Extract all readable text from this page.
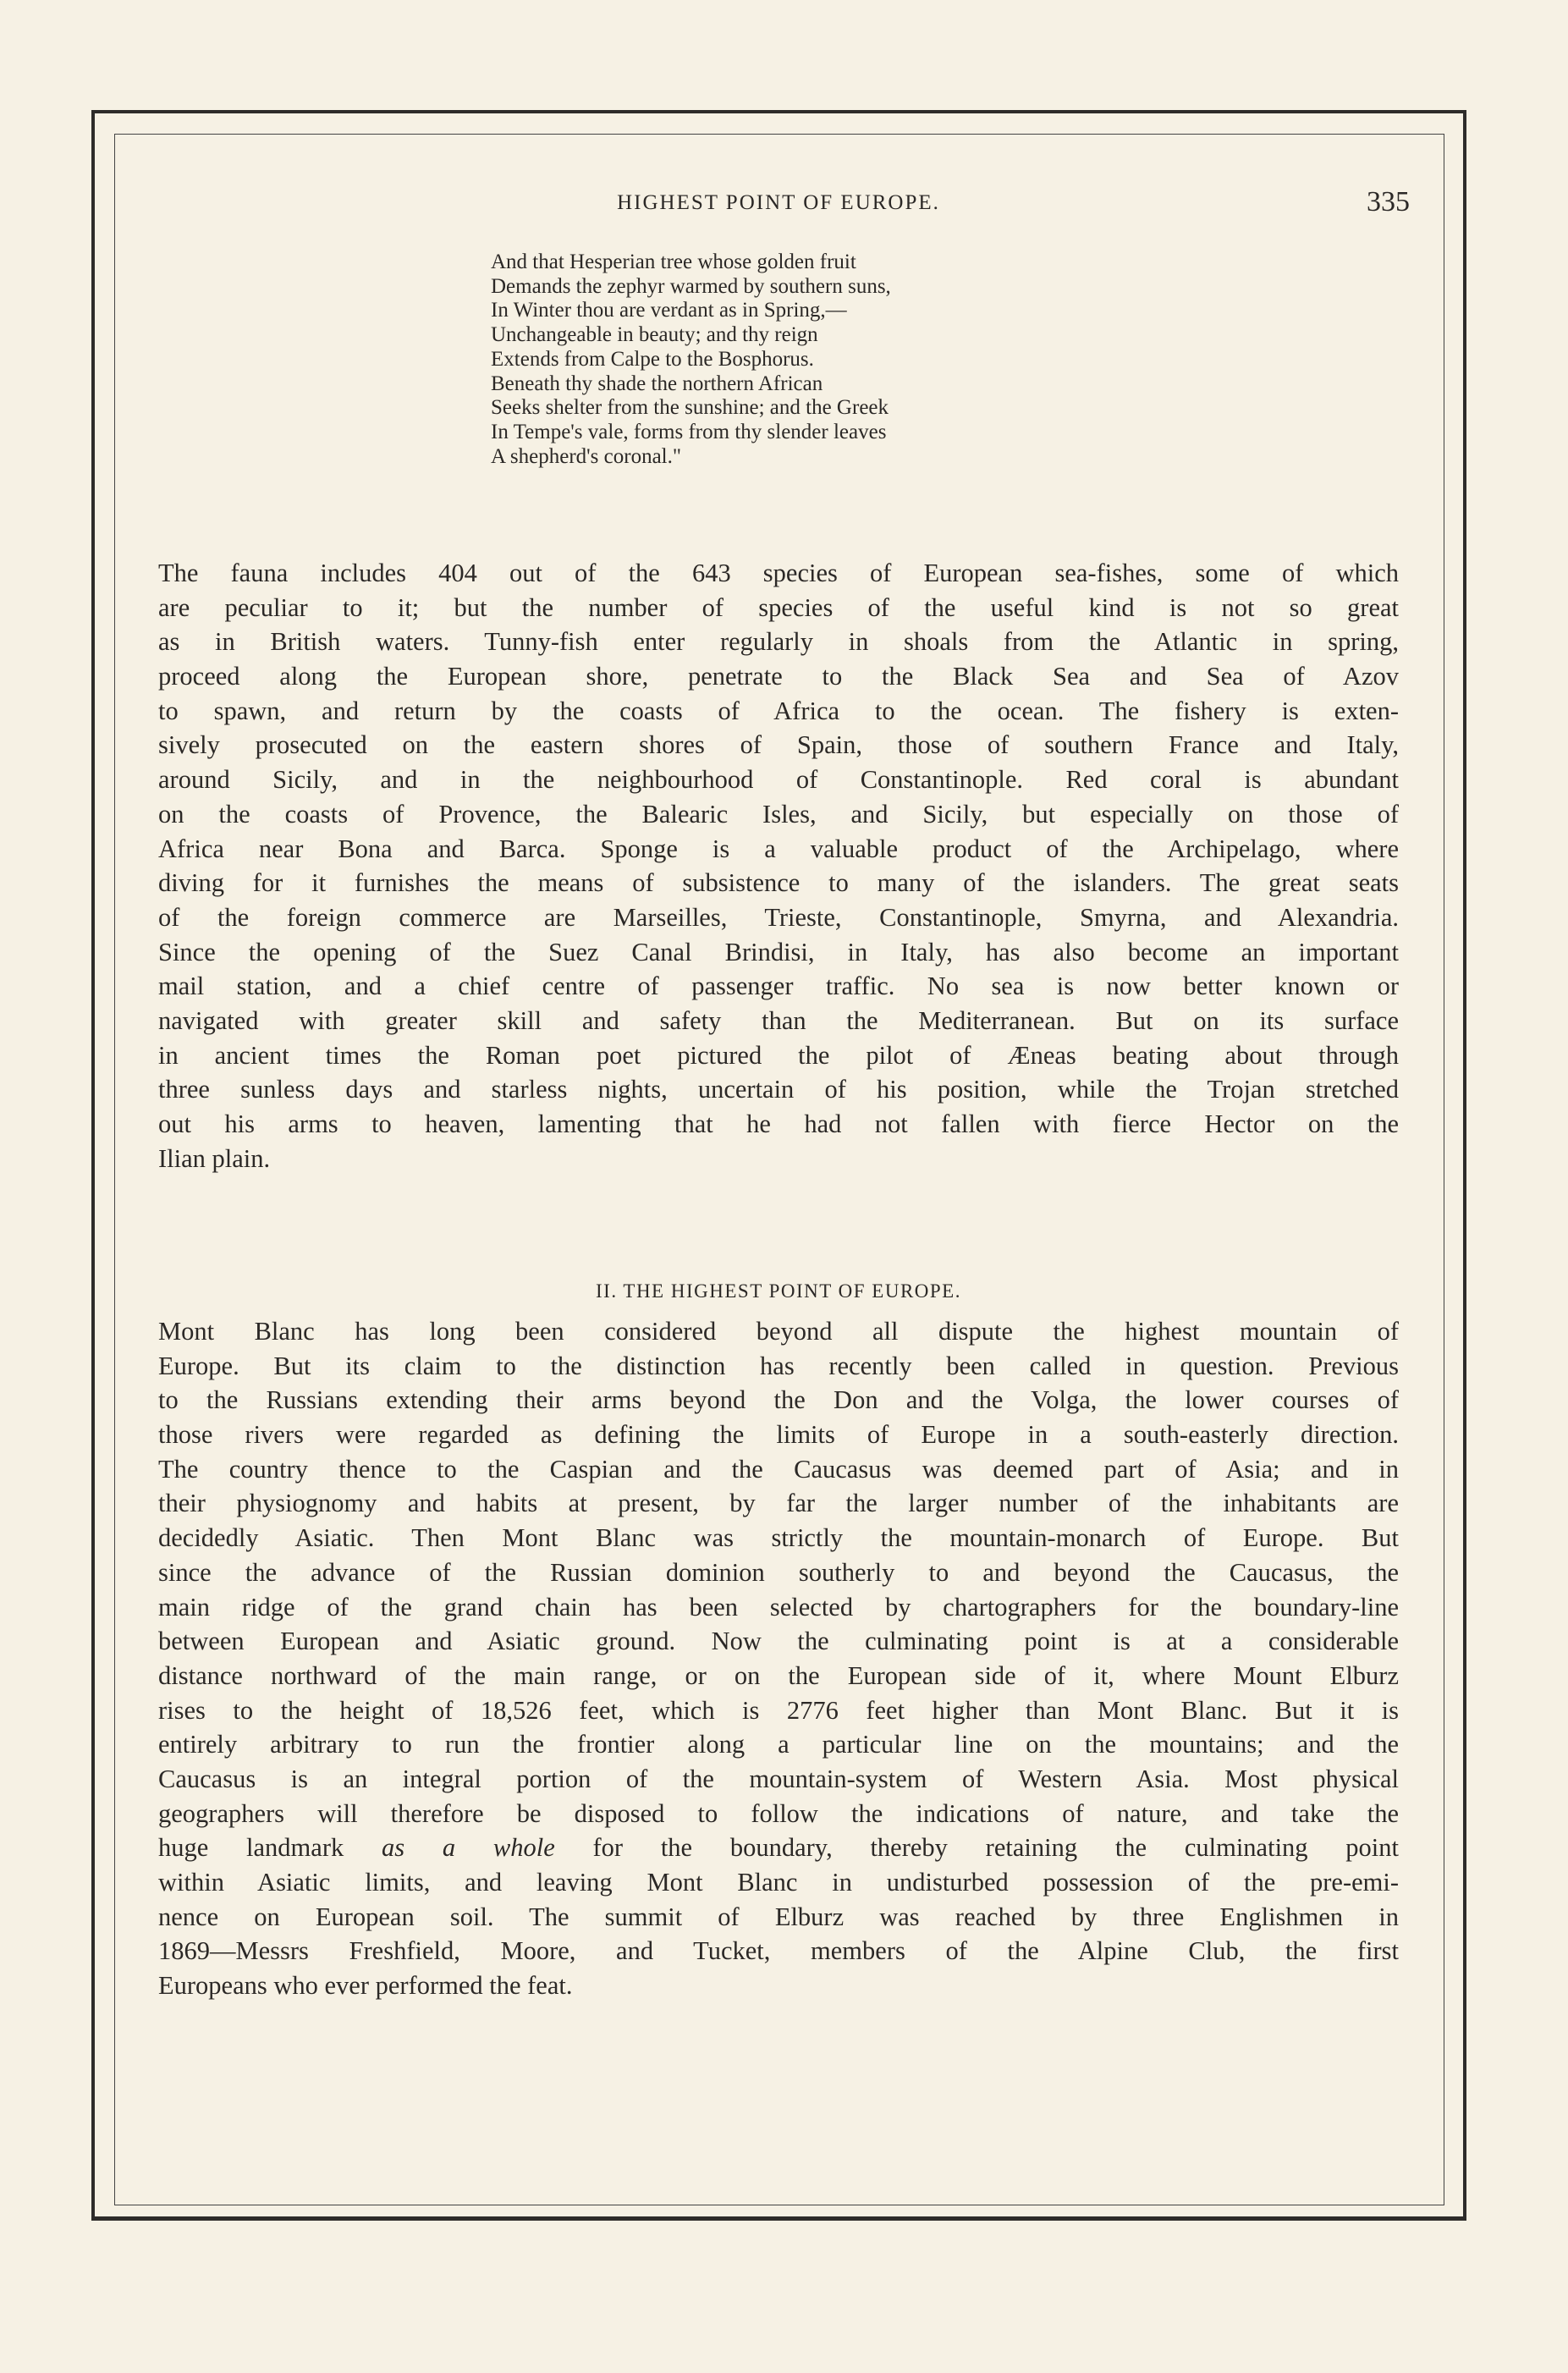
HIGHEST POINT OF EUROPE.	335
And that Hesperian tree whose golden fruit
Demands the zephyr warmed by southern suns,
In Winter thou are verdant as in Spring,—
Unchangeable in beauty; and thy reign
Extends from Calpe to the Bosphorus.
Beneath thy shade the northern African
Seeks shelter from the sunshine; and the Greek
In Tempe's vale, forms from thy slender leaves
A shepherd's coronal."
The fauna includes 404 out of the 643 species of European sea-fishes, some of which
are peculiar to it; but the number of species of the useful kind is not so great
as in British waters. Tunny-fish enter regularly in shoals from the Atlantic in spring,
proceed along the European shore, penetrate to the Black Sea and Sea of Azov
to spawn, and return by the coasts of Africa to the ocean. The fishery is exten-
sively prosecuted on the eastern shores of Spain, those of southern France and Italy,
around Sicily, and in the neighbourhood of Constantinople. Red coral is abundant
on the coasts of Provence, the Balearic Isles, and Sicily, but especially on those of
Africa near Bona and Barca. Sponge is a valuable product of the Archipelago, where
diving for it furnishes the means of subsistence to many of the islanders. The great seats
of the foreign commerce are Marseilles, Trieste, Constantinople, Smyrna, and Alexandria.
Since the opening of the Suez Canal Brindisi, in Italy, has also become an important
mail station, and a chief centre of passenger traffic. No sea is now better known or
navigated with greater skill and safety than the Mediterranean. But on its surface
in ancient times the Roman poet pictured the pilot of Æneas beating about through
three sunless days and starless nights, uncertain of his position, while the Trojan stretched
out his arms to heaven, lamenting that he had not fallen with fierce Hector on the
Ilian plain.
II. THE HIGHEST POINT OF EUROPE.
Mont Blanc has long been considered beyond all dispute the highest mountain of
Europe. But its claim to the distinction has recently been called in question. Previous
to the Russians extending their arms beyond the Don and the Volga, the lower courses of
those rivers were regarded as defining the limits of Europe in a south-easterly direction.
The country thence to the Caspian and the Caucasus was deemed part of Asia; and in
their physiognomy and habits at present, by far the larger number of the inhabitants are
decidedly Asiatic. Then Mont Blanc was strictly the mountain-monarch of Europe. But
since the advance of the Russian dominion southerly to and beyond the Caucasus, the
main ridge of the grand chain has been selected by chartographers for the boundary-line
between European and Asiatic ground. Now the culminating point is at a considerable
distance northward of the main range, or on the European side of it, where Mount Elburz
rises to the height of 18,526 feet, which is 2776 feet higher than Mont Blanc. But it is
entirely arbitrary to run the frontier along a particular line on the mountains; and the
Caucasus is an integral portion of the mountain-system of Western Asia. Most physical
geographers will therefore be disposed to follow the indications of nature, and take the
huge landmark as a whole for the boundary, thereby retaining the culminating point
within Asiatic limits, and leaving Mont Blanc in undisturbed possession of the pre-emi-
nence on European soil. The summit of Elburz was reached by three Englishmen in
1869—Messrs Freshfield, Moore, and Tucket, members of the Alpine Club, the first
Europeans who ever performed the feat.
